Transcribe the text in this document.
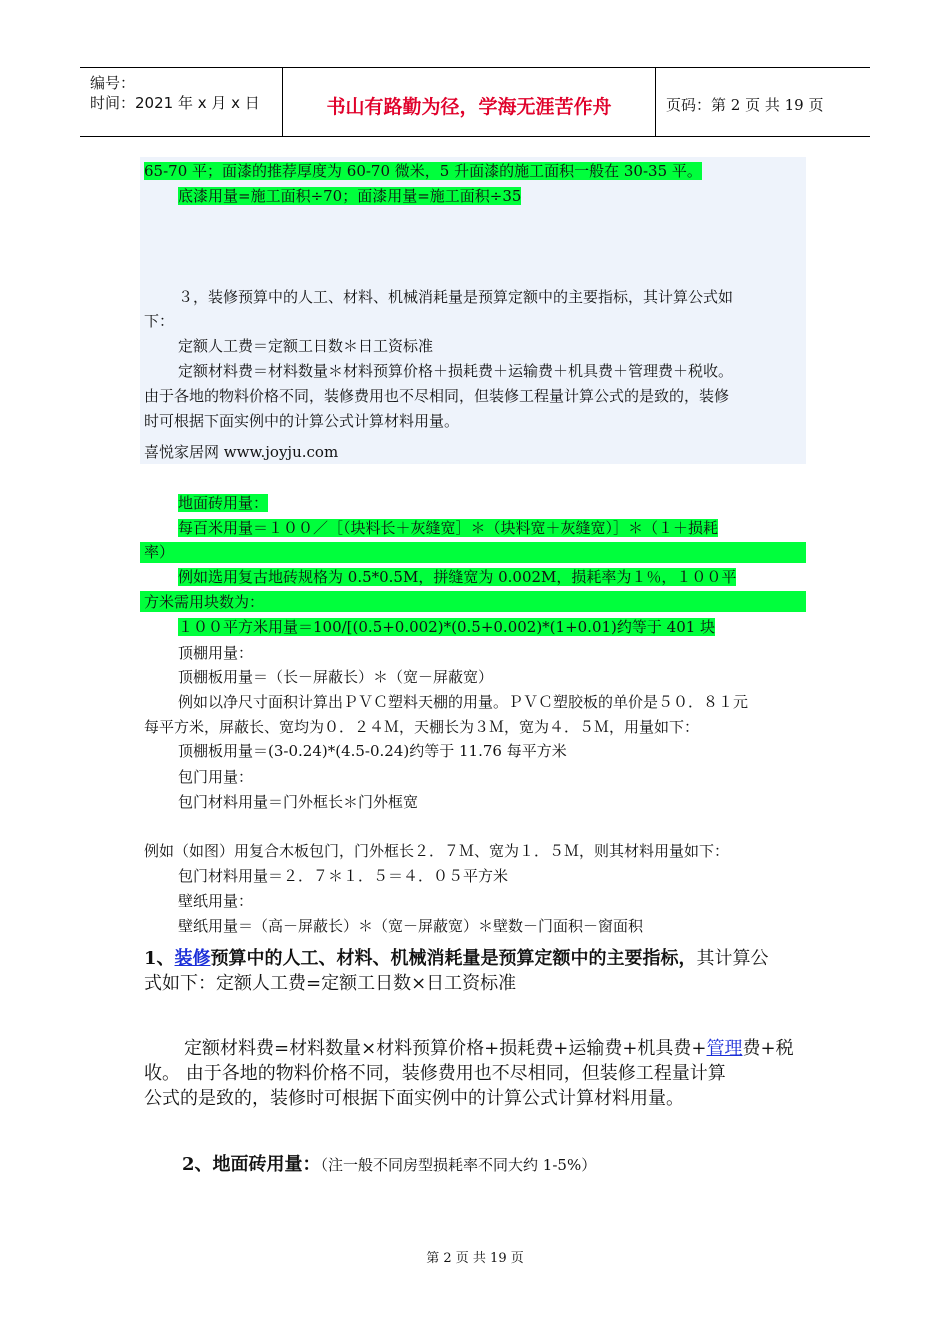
编号：
时间：2021 年 x 月 x 日	书山有路勤为径，学海无涯苦作舟	页码：第 2 页 共 19 页
65-70 平；面漆的推荐厚度为 60-70 微米，5 升面漆的施工面积一般在 30-35 平。
底漆用量=施工面积÷70；面漆用量=施工面积÷35
３，装修预算中的人工、材料、机械消耗量是预算定额中的主要指标，其计算公式如
下：
定额人工费＝定额工日数＊日工资标准
定额材料费＝材料数量＊材料预算价格＋损耗费＋运输费＋机具费＋管理费＋税收。
由于各地的物料价格不同，装修费用也不尽相同，但装修工程量计算公式的是致的，装修
时可根据下面实例中的计算公式计算材料用量。
喜悦家居网 www.joyju.com
地面砖用量：
每百米用量＝１００／［（块料长＋灰缝宽］＊（块料宽＋灰缝宽）］＊（１＋损耗
率）
例如选用复古地砖规格为 0.5*0.5M，拼缝宽为 0.002M，损耗率为１％，１００平
方米需用块数为：
１００平方米用量＝100/[(0.5+0.002)*(0.5+0.002)*(1+0.01)约等于 401 块
顶棚用量：
顶棚板用量＝（长－屏蔽长）＊（宽－屏蔽宽）
例如以净尺寸面积计算出ＰＶＣ塑料天棚的用量。ＰＶＣ塑胶板的单价是５０．８１元
每平方米，屏蔽长、宽均为０．２４Ｍ，天棚长为３Ｍ，宽为４．５Ｍ，用量如下：
顶棚板用量＝(3-0.24)*(4.5-0.24)约等于 11.76 每平方米
包门用量：
包门材料用量＝门外框长＊门外框宽
例如（如图）用复合木板包门，门外框长２．７Ｍ、宽为１．５Ｍ，则其材料用量如下：
包门材料用量＝２．７＊１．５＝４．０５平方米
壁纸用量：
壁纸用量＝（高－屏蔽长）＊（宽－屏蔽宽）＊壁数－门面积－窗面积
1、装修预算中的人工、材料、机械消耗量是预算定额中的主要指标，其计算公
式如下：定额人工费=定额工日数×日工资标准
定额材料费=材料数量×材料预算价格+损耗费+运输费+机具费+管理费+税
收。 由于各地的物料价格不同，装修费用也不尽相同，但装修工程量计算
公式的是致的，装修时可根据下面实例中的计算公式计算材料用量。
2、地面砖用量：（注一般不同房型损耗率不同大约 1-5%）
第 2 页 共 19 页
